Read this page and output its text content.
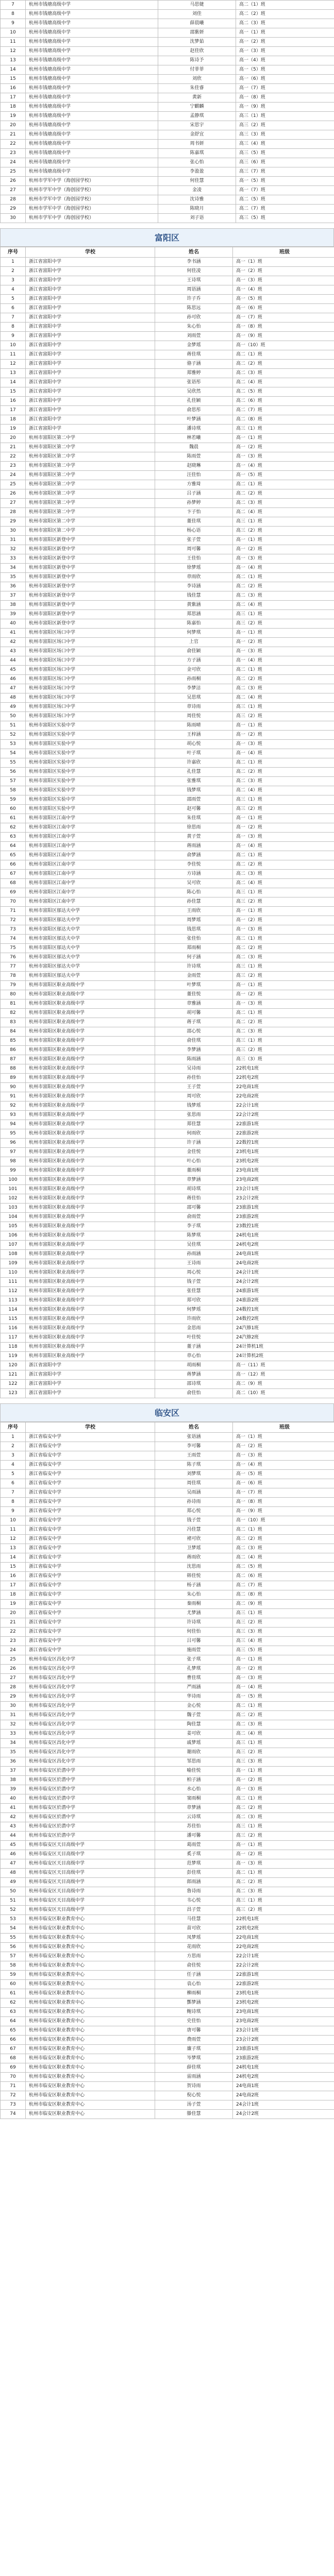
7	杭州市钱塘高级中学	马思婕	高二（1）班
8	杭州市钱塘高级中学	刘佳	高二（2）班
9	杭州市钱塘高级中学	薛晨曦	高二（3）班
10	杭州市钱塘高级中学	邵紫妍	高一（1）班
11	杭州市钱塘高级中学	沈梦茹	高一（2）班
12	杭州市钱塘高级中学	赵佳欣	高一（3）班
13	杭州市钱塘高级中学	陈诗予	高一（4）班
14	杭州市钱塘高级中学	付菲菲	高一（5）班
15	杭州市钱塘高级中学	刘欣	高一（6）班
16	杭州市钱塘高级中学	朱佳睿	高一（7）班
17	杭州市钱塘高级中学	黄新	高一（8）班
18	杭州市钱塘高级中学	宁麒麟	高一（9）班
19	杭州市钱塘高级中学	孟静琪	高三（1）班
20	杭州市钱塘高级中学	宋思宇	高三（2）班
21	杭州市钱塘高级中学	金舒宜	高三（3）班
22	杭州市钱塘高级中学	周书妍	高三（4）班
23	杭州市钱塘高级中学	陈嘉琪	高三（5）班
24	杭州市钱塘高级中学	张心怡	高三（6）班
25	杭州市钱塘高级中学	李盈盈	高三（7）班
26	杭州市学军中学（海创园学校）	何佳慧	高一（5）班
27	杭州市学军中学（海创园学校）	金凌	高一（7）班
28	杭州市学军中学（海创园学校）	沈诗雅	高二（5）班
29	杭州市学军中学（海创园学校）	陈晓月	高二（7）班
30	杭州市学军中学（海创园学校）	刘子语	高三（5）班
富阳区
序号	学校	姓名	班级
1	浙江省富阳中学	李书涵	高一（1）班
2	浙江省富阳中学	何佳凌	高一（2）班
3	浙江省富阳中学	王诗琪	高一（3）班
4	浙江省富阳中学	周语涵	高一（4）班
5	浙江省富阳中学	许子乔	高一（5）班
6	浙江省富阳中学	陈思远	高一（6）班
7	浙江省富阳中学	孙可欣	高一（7）班
8	浙江省富阳中学	朱心怡	高一（8）班
9	浙江省富阳中学	刘雨萱	高一（9）班
10	浙江省富阳中学	金梦瑶	高一（10）班
11	浙江省富阳中学	蒋佳琪	高二（1）班
12	浙江省富阳中学	骆子涵	高二（2）班
13	浙江省富阳中学	郑雅婷	高二（3）班
14	浙江省富阳中学	张语彤	高二（4）班
15	浙江省富阳中学	吴欣然	高二（5）班
16	浙江省富阳中学	孔佳颖	高二（6）班
17	浙江省富阳中学	俞思彤	高二（7）班
18	浙江省富阳中学	叶梦涵	高二（8）班
19	浙江省富阳中学	潘诗琪	高三（1）班
20	杭州市富阳区第二中学	林若曦	高一（1）班
21	杭州市富阳区第二中学	魏晨	高一（2）班
22	杭州市富阳区第二中学	陈雨萱	高一（3）班
23	杭州市富阳区第二中学	赵晓琳	高一（4）班
24	杭州市富阳区第二中学	汪佳怡	高一（5）班
25	杭州市富阳区第二中学	方雅琦	高二（1）班
26	杭州市富阳区第二中学	吕子涵	高二（2）班
27	杭州市富阳区第二中学	孙梦婷	高二（3）班
28	杭州市富阳区第二中学	卞子怡	高二（4）班
29	杭州市富阳区第二中学	董佳琪	高三（1）班
30	杭州市富阳区第二中学	杨心语	高三（2）班
31	杭州市富阳区新登中学	张子萱	高一（1）班
32	杭州市富阳区新登中学	周可馨	高一（2）班
33	杭州市富阳区新登中学	王佳怡	高一（3）班
34	杭州市富阳区新登中学	徐梦瑶	高一（4）班
35	杭州市富阳区新登中学	章雨欣	高二（1）班
36	杭州市富阳区新登中学	李诗涵	高二（2）班
37	杭州市富阳区新登中学	钱佳慧	高二（3）班
38	杭州市富阳区新登中学	黄紫涵	高二（4）班
39	杭州市富阳区新登中学	郑思涵	高三（1）班
40	杭州市富阳区新登中学	陈嘉怡	高三（2）班
41	杭州市富阳区场口中学	何梦琪	高一（1）班
42	杭州市富阳区场口中学	上官	高一（2）班
43	杭州市富阳区场口中学	俞佳颖	高一（3）班
44	杭州市富阳区场口中学	方子涵	高一（4）班
45	杭州市富阳区场口中学	金可欣	高二（1）班
46	杭州市富阳区场口中学	孙雨桐	高二（2）班
47	杭州市富阳区场口中学	李梦洁	高二（3）班
48	杭州市富阳区场口中学	吴思琪	高二（4）班
49	杭州市富阳区场口中学	章诗雨	高三（1）班
50	杭州市富阳区场口中学	周佳悦	高三（2）班
51	杭州市富阳区实验中学	陈雨晴	高一（1）班
52	杭州市富阳区实验中学	王梓涵	高一（2）班
53	杭州市富阳区实验中学	胡心悦	高一（3）班
54	杭州市富阳区实验中学	叶子琪	高一（4）班
55	杭州市富阳区实验中学	许嘉欣	高二（1）班
56	杭州市富阳区实验中学	孔佳慧	高二（2）班
57	杭州市富阳区实验中学	张雅琪	高二（3）班
58	杭州市富阳区实验中学	钱梦琪	高二（4）班
59	杭州市富阳区实验中学	邵雨萱	高三（1）班
60	杭州市富阳区实验中学	赵可馨	高三（2）班
61	杭州市富阳区江南中学	朱佳琪	高一（1）班
62	杭州市富阳区江南中学	徐思雨	高一（2）班
63	杭州市富阳区江南中学	黄子萱	高一（3）班
64	杭州市富阳区江南中学	蒋雨涵	高一（4）班
65	杭州市富阳区江南中学	俞梦涵	高二（1）班
66	杭州市富阳区江南中学	李佳悦	高二（2）班
67	杭州市富阳区江南中学	方诗涵	高二（3）班
68	杭州市富阳区江南中学	吴可欣	高二（4）班
69	杭州市富阳区江南中学	陈心怡	高三（1）班
70	杭州市富阳区江南中学	孙佳慧	高三（2）班
71	杭州市富阳区郁达夫中学	王雨欣	高一（1）班
72	杭州市富阳区郁达夫中学	周梦瑶	高一（2）班
73	杭州市富阳区郁达夫中学	钱思琪	高一（3）班
74	杭州市富阳区郁达夫中学	张佳怡	高二（1）班
75	杭州市富阳区郁达夫中学	郑雨桐	高二（2）班
76	杭州市富阳区郁达夫中学	何子涵	高二（3）班
77	杭州市富阳区郁达夫中学	许诗琪	高三（1）班
78	杭州市富阳区郁达夫中学	金雨萱	高三（2）班
79	杭州市富阳区职业高级中学	叶梦琪	高一（1）班
80	杭州市富阳区职业高级中学	董佳悦	高一（2）班
81	杭州市富阳区职业高级中学	章雅涵	高一（3）班
82	杭州市富阳区职业高级中学	胡可馨	高二（1）班
83	杭州市富阳区职业高级中学	蒋子琪	高二（2）班
84	杭州市富阳区职业高级中学	邵心悦	高二（3）班
85	杭州市富阳区职业高级中学	俞佳琪	高三（1）班
86	杭州市富阳区职业高级中学	李梦涵	高三（2）班
87	杭州市富阳区职业高级中学	陈雨涵	高三（3）班
88	杭州市富阳区职业高级中学	吴诗雨	22机电1班
89	杭州市富阳区职业高级中学	孙佳怡	22机电2班
90	杭州市富阳区职业高级中学	王子萱	22电商1班
91	杭州市富阳区职业高级中学	周可欣	22电商2班
92	杭州市富阳区职业高级中学	钱梦瑶	22会计1班
93	杭州市富阳区职业高级中学	张思雨	22会计2班
94	杭州市富阳区职业高级中学	郑佳慧	22旅游1班
95	杭州市富阳区职业高级中学	何雨欣	22旅游2班
96	杭州市富阳区职业高级中学	许子涵	22数控1班
97	杭州市富阳区职业高级中学	金佳悦	23机电1班
98	杭州市富阳区职业高级中学	叶心怡	23机电2班
99	杭州市富阳区职业高级中学	董雨桐	23电商1班
100	杭州市富阳区职业高级中学	章梦涵	23电商2班
101	杭州市富阳区职业高级中学	胡诗琪	23会计1班
102	杭州市富阳区职业高级中学	蒋佳怡	23会计2班
103	杭州市富阳区职业高级中学	邵可馨	23旅游1班
104	杭州市富阳区职业高级中学	俞雨萱	23旅游2班
105	杭州市富阳区职业高级中学	李子琪	23数控1班
106	杭州市富阳区职业高级中学	陈梦琪	24机电1班
107	杭州市富阳区职业高级中学	吴佳琪	24机电2班
108	杭州市富阳区职业高级中学	孙雨涵	24电商1班
109	杭州市富阳区职业高级中学	王诗雨	24电商2班
110	杭州市富阳区职业高级中学	周心悦	24会计1班
111	杭州市富阳区职业高级中学	钱子萱	24会计2班
112	杭州市富阳区职业高级中学	张佳慧	24旅游1班
113	杭州市富阳区职业高级中学	郑可欣	24旅游2班
114	杭州市富阳区职业高级中学	何梦瑶	24数控1班
115	杭州市富阳区职业高级中学	许雨欣	24数控2班
116	杭州市富阳区职业高级中学	金思雨	24汽修1班
117	杭州市富阳区职业高级中学	叶佳悦	24汽修2班
118	杭州市富阳区职业高级中学	董子涵	24计算机1班
119	杭州市富阳区职业高级中学	章心怡	24计算机2班
120	浙江省富阳中学	胡雨桐	高一（11）班
121	浙江省富阳中学	蒋梦涵	高一（12）班
122	浙江省富阳中学	邵诗琪	高二（9）班
123	浙江省富阳中学	俞佳怡	高二（10）班
临安区
序号	学校	姓名	班级
1	浙江省临安中学	张语涵	高一（1）班
2	浙江省临安中学	李可馨	高一（2）班
3	浙江省临安中学	王雨萱	高一（3）班
4	浙江省临安中学	陈子琪	高一（4）班
5	浙江省临安中学	刘梦琪	高一（5）班
6	浙江省临安中学	周佳琪	高一（6）班
7	浙江省临安中学	吴雨涵	高一（7）班
8	浙江省临安中学	孙诗雨	高一（8）班
9	浙江省临安中学	郑心悦	高一（9）班
10	浙江省临安中学	钱子萱	高一（10）班
11	浙江省临安中学	冯佳慧	高二（1）班
12	浙江省临安中学	褚可欣	高二（2）班
13	浙江省临安中学	卫梦瑶	高二（3）班
14	浙江省临安中学	蒋雨欣	高二（4）班
15	浙江省临安中学	沈思雨	高二（5）班
16	浙江省临安中学	韩佳悦	高二（6）班
17	浙江省临安中学	杨子涵	高二（7）班
18	浙江省临安中学	朱心怡	高二（8）班
19	浙江省临安中学	秦雨桐	高二（9）班
20	浙江省临安中学	尤梦涵	高三（1）班
21	浙江省临安中学	许诗琪	高三（2）班
22	浙江省临安中学	何佳怡	高三（3）班
23	浙江省临安中学	吕可馨	高三（4）班
24	浙江省临安中学	施雨萱	高三（5）班
25	杭州市临安区昌化中学	张子琪	高一（1）班
26	杭州市临安区昌化中学	孔梦琪	高一（2）班
27	杭州市临安区昌化中学	曹佳琪	高一（3）班
28	杭州市临安区昌化中学	严雨涵	高一（4）班
29	杭州市临安区昌化中学	华诗雨	高一（5）班
30	杭州市临安区昌化中学	金心悦	高二（1）班
31	杭州市临安区昌化中学	魏子萱	高二（2）班
32	杭州市临安区昌化中学	陶佳慧	高二（3）班
33	杭州市临安区昌化中学	姜可欣	高二（4）班
34	杭州市临安区昌化中学	戚梦瑶	高三（1）班
35	杭州市临安区昌化中学	谢雨欣	高三（2）班
36	杭州市临安区昌化中学	邹思雨	高三（3）班
37	杭州市临安区於潜中学	喻佳悦	高一（1）班
38	杭州市临安区於潜中学	柏子涵	高一（2）班
39	杭州市临安区於潜中学	水心怡	高一（3）班
40	杭州市临安区於潜中学	窦雨桐	高二（1）班
41	杭州市临安区於潜中学	章梦涵	高二（2）班
42	杭州市临安区於潜中学	云诗琪	高二（3）班
43	杭州市临安区於潜中学	苏佳怡	高三（1）班
44	杭州市临安区於潜中学	潘可馨	高三（2）班
45	杭州市临安区天目高级中学	葛雨萱	高一（1）班
46	杭州市临安区天目高级中学	奚子琪	高一（2）班
47	杭州市临安区天目高级中学	范梦琪	高一（3）班
48	杭州市临安区天目高级中学	彭佳琪	高二（1）班
49	杭州市临安区天目高级中学	郎雨涵	高二（2）班
50	杭州市临安区天目高级中学	鲁诗雨	高二（3）班
51	杭州市临安区天目高级中学	韦心悦	高三（1）班
52	杭州市临安区天目高级中学	昌子萱	高三（2）班
53	杭州市临安区职业教育中心	马佳慧	22机电1班
54	杭州市临安区职业教育中心	苗可欣	22机电2班
55	杭州市临安区职业教育中心	凤梦瑶	22电商1班
56	杭州市临安区职业教育中心	花雨欣	22电商2班
57	杭州市临安区职业教育中心	方思雨	22会计1班
58	杭州市临安区职业教育中心	俞佳悦	22会计2班
59	杭州市临安区职业教育中心	任子涵	22旅游1班
60	杭州市临安区职业教育中心	袁心怡	22旅游2班
61	杭州市临安区职业教育中心	柳雨桐	23机电1班
62	杭州市临安区职业教育中心	酆梦涵	23机电2班
63	杭州市临安区职业教育中心	鲍诗琪	23电商1班
64	杭州市临安区职业教育中心	史佳怡	23电商2班
65	杭州市临安区职业教育中心	唐可馨	23会计1班
66	杭州市临安区职业教育中心	费雨萱	23会计2班
67	杭州市临安区职业教育中心	廉子琪	23旅游1班
68	杭州市临安区职业教育中心	岑梦琪	23旅游2班
69	杭州市临安区职业教育中心	薛佳琪	24机电1班
70	杭州市临安区职业教育中心	雷雨涵	24机电2班
71	杭州市临安区职业教育中心	贺诗雨	24电商1班
72	杭州市临安区职业教育中心	倪心悦	24电商2班
73	杭州市临安区职业教育中心	汤子萱	24会计1班
74	杭州市临安区职业教育中心	滕佳慧	24会计2班
